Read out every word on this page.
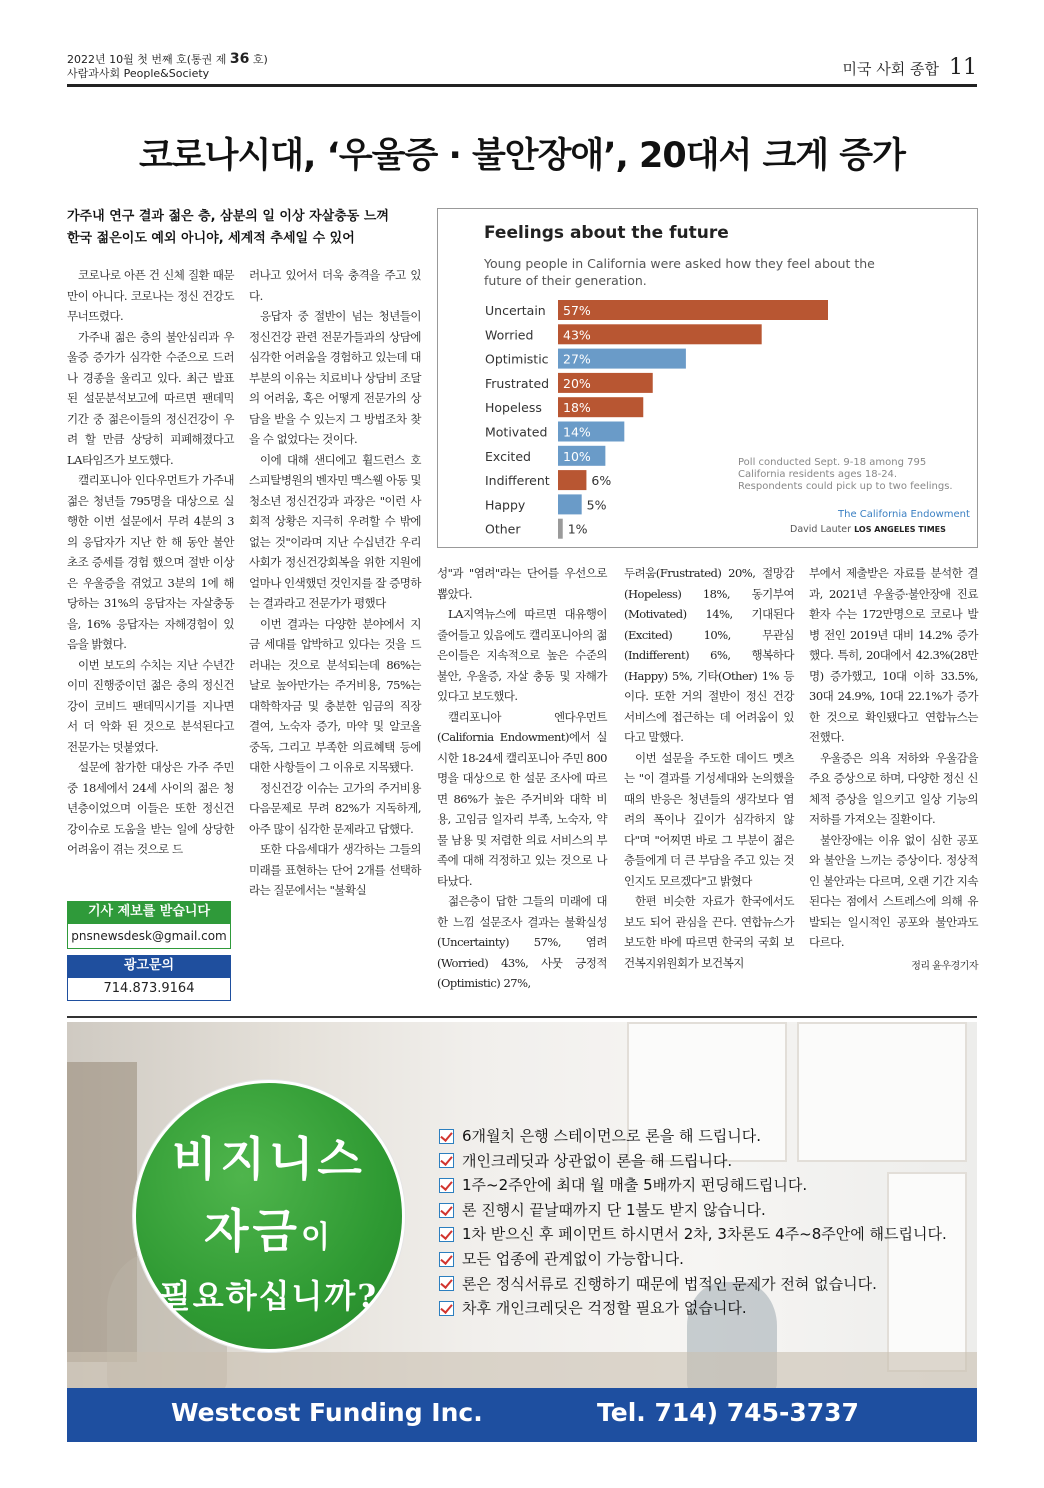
2022년 10월 첫 번째 호(통권 제 36 호)
사람과사회 People&Society	미국 사회 종합 11
코로나시대, ‘우울증 · 불안장애’, 20대서 크게 증가
가주내 연구 결과 젊은 층, 삼분의 일 이상 자살충동 느껴
한국 젊은이도 예외 아니야, 세계적 추세일 수 있어	Feelings about the future
Young people in California were asked how they feel about the future of their generation.
Uncertain 57%
Worried 43%
Optimistic 27%
Frustrated 20%
Hopeless 18%
Motivated 14%
Excited	10%
Indifferent	6%
Happy	5%
Other	1%
Poll conducted Sept. 9-18 among 795 California residents ages 18-24. Respondents could pick up to two feelings.
The California Endowment
David Lauter LOS ANGELES TIMES

코로나로 아픈 건 신체 질환 때문만이 아니다. 코로나는 정신 건강도 무너뜨렸다.

가주내 젊은 층의 불안심리과 우울증 증가가 심각한 수준으로 드러나 경종을 울리고 있다. 최근 발표된 설문분석보고에 따르면 팬데믹 기간 중 젊은이들의 정신건강이 우려 할 만큼 상당히 피폐해졌다고 LA타임즈가 보도했다.

캘리포니아 인다우먼트가 가주내 젊은 청년들 795명을 대상으로 실행한 이번 설문에서 무려 4분의 3의 응답자가 지난 한 해 동안 불안 초조 증세를 경험 했으며 절반 이상은 우울증을 겪었고 3분의 1에 해당하는 31%의 응답자는 자살충동을, 16% 응답자는 자해경험이 있음을 밝혔다.

이번 보도의 수치는 지난 수년간 이미 진행중이던 젊은 층의 정신건강이 코비드 팬데믹시기를 지나면서 더 악화 된 것으로 분석된다고 전문가는 덧붙였다.

설문에 참가한 대상은 가주 주민 중 18세에서 24세 사이의 젊은 청년층이었으며 이들은 또한 정신건강이슈로 도움을 받는 일에 상당한 어려움이 겪는 것으로 드

러나고 있어서 더욱 충격을 주고 있다.

응답자 중 절반이 넘는 청년들이 정신건강 관련 전문가들과의 상담에 심각한 어려움을 경험하고 있는데 대부분의 이유는 치료비나 상담비 조달의 어려움, 혹은 어떻게 전문가의 상담을 받을 수 있는지 그 방법조차 찾을 수 없었다는 것이다.

이에 대해 샌디에고 휠드런스 호스피탈병원의 벤자민 맥스웰 아동 및 청소년 정신건강과 과장은 "이런 사회적 상황은 지극히 우려할 수 밖에 없는 것"이라며 지난 수십년간 우리 사회가 정신건강회복을 위한 지원에 얼마나 인색했던 것인지를 잘 증명하는 결과라고 전문가가 평했다

이번 결과는 다양한 분야에서 지금 세대를 압박하고 있다는 것을 드러내는 것으로 분석되는데 86%는 날로 높아만가는 주거비용, 75%는 대학학자금 및 충분한 임금의 직장 결여, 노숙자 증가, 마약 및 알코올 중독, 그리고 부족한 의료혜택 등에 대한 사항들이 그 이유로 지목됐다.

정신건강 이슈는 고가의 주거비용 다음문제로 무려 82%가 지독하게, 아주 많이 심각한 문제라고 답했다.

또한 다음세대가 생각하는 그들의 미래를 표현하는 단어 2개를 선택하라는 질문에서는 "불확실

성"과 "염려"라는 단어를 우선으로 뽑았다.

LA지역뉴스에 따르면 대유행이 줄어들고 있음에도 캘리포니아의 젊은이들은 지속적으로 높은 수준의 불안, 우울증, 자살 충동 및 자해가 있다고 보도했다.

캘리포니아 엔다우먼트(California Endowment)에서 실시한 18-24세 캘리포니아 주민 800명을 대상으로 한 설문 조사에 따르면 86%가 높은 주거비와 대학 비용, 고임금 일자리 부족, 노숙자, 약물 남용 및 저렴한 의료 서비스의 부족에 대해 걱정하고 있는 것으로 나타났다.

젊은층이 답한 그들의 미래에 대한 느낌 설문조사 결과는 불확실성(Uncertainty) 57%, 염려(Worried) 43%, 사뭇 긍정적(Optimistic) 27%,

두려움(Frustrated) 20%, 절망감(Hopeless) 18%, 동기부여(Motivated) 14%, 기대된다(Excited) 10%, 무관심(Indifferent) 6%, 행복하다(Happy) 5%, 기타(Other) 1% 등이다. 또한 거의 절반이 정신 건강 서비스에 접근하는 데 어려움이 있다고 말했다.

이번 설문을 주도한 데이드 멧츠는 "이 결과를 기성세대와 논의했을때의 반응은 청년들의 생각보다 염려의 폭이나 깊이가 심각하지 않다"며 "어찌면 바로 그 부분이 젊은 층들에게 더 큰 부담을 주고 있는 것인지도 모르겠다"고 밝혔다

한편 비슷한 자료가 한국에서도 보도 되어 관심을 끈다. 연합뉴스가 보도한 바에 따르면 한국의 국회 보건복지위원회가 보건복지

부에서 제출받은 자료를 분석한 결과, 2021년 우울증·불안장애 진료환자 수는 172만명으로 코로나 발병 전인 2019년 대비 14.2% 증가했다. 특히, 20대에서 42.3%(28만명) 증가했고, 10대 이하 33.5%, 30대 24.9%, 10대 22.1%가 증가한 것으로 확인됐다고 연합뉴스는 전했다.

우울증은 의욕 저하와 우울감을 주요 증상으로 하며, 다양한 정신 신체적 증상을 일으키고 일상 기능의 저하를 가져오는 질환이다.

불안장애는 이유 없이 심한 공포와 불안을 느끼는 증상이다. 정상적인 불안과는 다르며, 오랜 기간 지속된다는 점에서 스트레스에 의해 유발되는 일시적인 공포와 불안과도 다르다.

정리 윤우경기자
기사 제보를 받습니다
pnsnewsdesk@gmail.com
광고문의
714.873.9164
비지니스
자금이
필요하십니까?
6개월치 은행 스테이먼으로 론을 해 드립니다.
개인크레딧과 상관없이 론을 해 드립니다.
1주~2주안에 최대 월 매출 5배까지 펀딩해드립니다.
론 진행시 끝날때까지 단 1불도 받지 않습니다.
1차 받으신 후 페이먼트 하시면서 2차, 3차론도 4주~8주안에 해드립니다.
모든 업종에 관계없이 가능합니다.
론은 정식서류로 진행하기 때문에 법적인 문제가 전혀 없습니다.
차후 개인크레딧은 걱정할 필요가 없습니다.
Westcost Funding Inc.	Tel. 714) 745-3737
